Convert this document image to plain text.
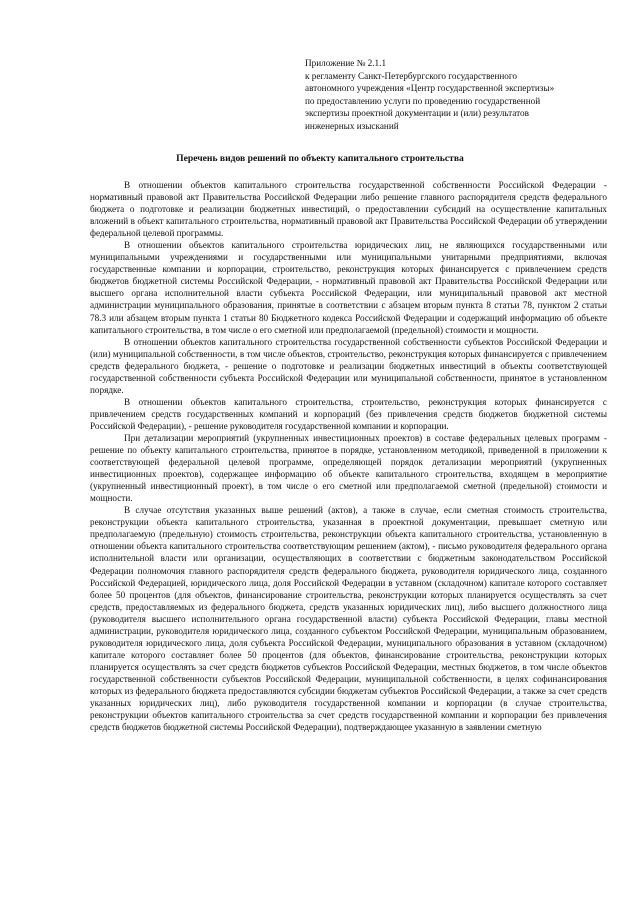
Приложение № 2.1.1
к регламенту Санкт-Петербургского государственного
автономного учреждения «Центр государственной экспертизы»
по предоставлению услуги по проведению государственной
экспертизы проектной документации и (или) результатов
инженерных изысканий
Перечень видов решений по объекту капитального строительства

В отношении объектов капитального строительства государственной собственности Российской Федерации - нормативный правовой акт Правительства Российской Федерации либо решение главного распорядителя средств федерального бюджета о подготовке и реализации бюджетных инвестиций, о предоставлении субсидий на осуществление капитальных вложений в объект капитального строительства, нормативный правовой акт Правительства Российской Федерации об утверждении федеральной целевой программы.

В отношении объектов капитального строительства юридических лиц, не являющихся государственными или муниципальными учреждениями и государственными или муниципальными унитарными предприятиями, включая государственные компании и корпорации, строительство, реконструкция которых финансируется с привлечением средств бюджетов бюджетной системы Российской Федерации, - нормативный правовой акт Правительства Российской Федерации или высшего органа исполнительной власти субъекта Российской Федерации, или муниципальный правовой акт местной администрации муниципального образования, принятые в соответствии с абзацем вторым пункта 8 статьи 78, пунктом 2 статьи 78.3 или абзацем вторым пункта 1 статьи 80 Бюджетного кодекса Российской Федерации и содержащий информацию об объекте капитального строительства, в том числе о его сметной или предполагаемой (предельной) стоимости и мощности.

В отношении объектов капитального строительства государственной собственности субъектов Российской Федерации и (или) муниципальной собственности, в том числе объектов, строительство, реконструкция которых финансируется с привлечением средств федерального бюджета, - решение о подготовке и реализации бюджетных инвестиций в объекты соответствующей государственной собственности субъекта Российской Федерации или муниципальной собственности, принятое в установленном порядке.

В отношении объектов капитального строительства, строительство, реконструкция которых финансируется с привлечением средств государственных компаний и корпораций (без привлечения средств бюджетов бюджетной системы Российской Федерации), - решение руководителя государственной компании и корпорации.

При детализации мероприятий (укрупненных инвестиционных проектов) в составе федеральных целевых программ - решение по объекту капитального строительства, принятое в порядке, установленном методикой, приведенной в приложении к соответствующей федеральной целевой программе, определяющей порядок детализации мероприятий (укрупненных инвестиционных проектов), содержащее информацию об объекте капитального строительства, входящем в мероприятие (укрупненный инвестиционный проект), в том числе о его сметной или предполагаемой сметной (предельной) стоимости и мощности.

В случае отсутствия указанных выше решений (актов), а также в случае, если сметная стоимость строительства, реконструкции объекта капитального строительства, указанная в проектной документации, превышает сметную или предполагаемую (предельную) стоимость строительства, реконструкции объекта капитального строительства, установленную в отношении объекта капитального строительства соответствующим решением (актом), - письмо руководителя федерального органа исполнительной власти или организации, осуществляющих в соответствии с бюджетным законодательством Российской Федерации полномочия главного распорядителя средств федерального бюджета, руководителя юридического лица, созданного Российской Федерацией, юридического лица, доля Российской Федерации в уставном (складочном) капитале которого составляет более 50 процентов (для объектов, финансирование строительства, реконструкции которых планируется осуществлять за счет средств, предоставляемых из федерального бюджета, средств указанных юридических лиц), либо высшего должностного лица (руководителя высшего исполнительного органа государственной власти) субъекта Российской Федерации, главы местной администрации, руководителя юридического лица, созданного субъектом Российской Федерации, муниципальным образованием, руководителя юридического лица, доля субъекта Российской Федерации, муниципального образования в уставном (складочном) капитале которого составляет более 50 процентов (для объектов, финансирование строительства, реконструкции которых планируется осуществлять за счет средств бюджетов субъектов Российской Федерации, местных бюджетов, в том числе объектов государственной собственности субъектов Российской Федерации, муниципальной собственности, в целях софинансирования которых из федерального бюджета предоставляются субсидии бюджетам субъектов Российской Федерации, а также за счет средств указанных юридических лиц), либо руководителя государственной компании и корпорации (в случае строительства, реконструкции объектов капитального строительства за счет средств государственной компании и корпорации без привлечения средств бюджетов бюджетной системы Российской Федерации), подтверждающее указанную в заявлении сметную
